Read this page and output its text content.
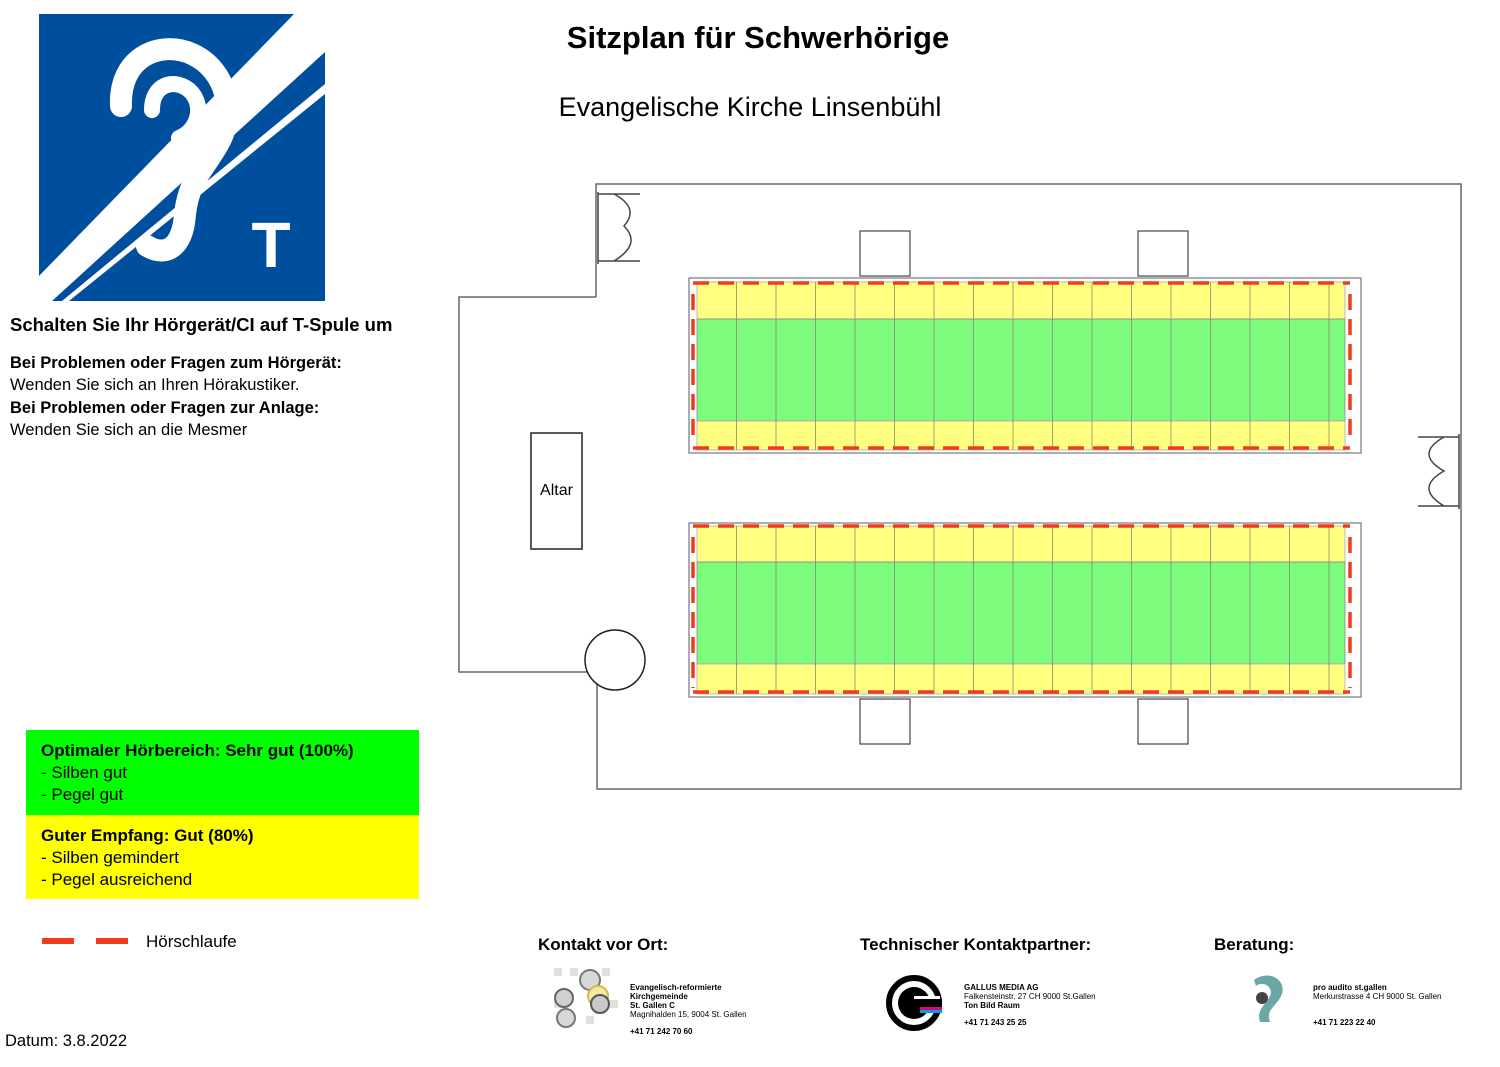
T
Sitzplan für Schwerhörige
Evangelische Kirche Linsenbühl
Schalten Sie Ihr Hörgerät/CI auf T-Spule um
Bei Problemen oder Fragen zum Hörgerät:
Wenden Sie sich an Ihren Hörakustiker.
Bei Problemen oder Fragen zur Anlage:
Wenden Sie sich an die Mesmer
Altar
Optimaler Hörbereich: Sehr gut (100%)
- Silben gut
- Pegel gut
Guter Empfang: Gut (80%)
- Silben gemindert
- Pegel ausreichend
Hörschlaufe	Kontakt vor Ort:
Evangelisch-reformierte
Kirchgemeinde
St. Gallen C
Magnihalden 15, 9004 St. Gallen
+41 71 242 70 60
Technischer Kontaktpartner:
GALLUS MEDIA AG
Falkensteinstr. 27 CH 9000 St.Gallen
Ton Bild Raum
+41 71 243 25 25
Beratung:
pro audito st.gallen
Merkurstrasse 4 CH 9000 St. Gallen
+41 71 223 22 40
Datum: 3.8.2022
